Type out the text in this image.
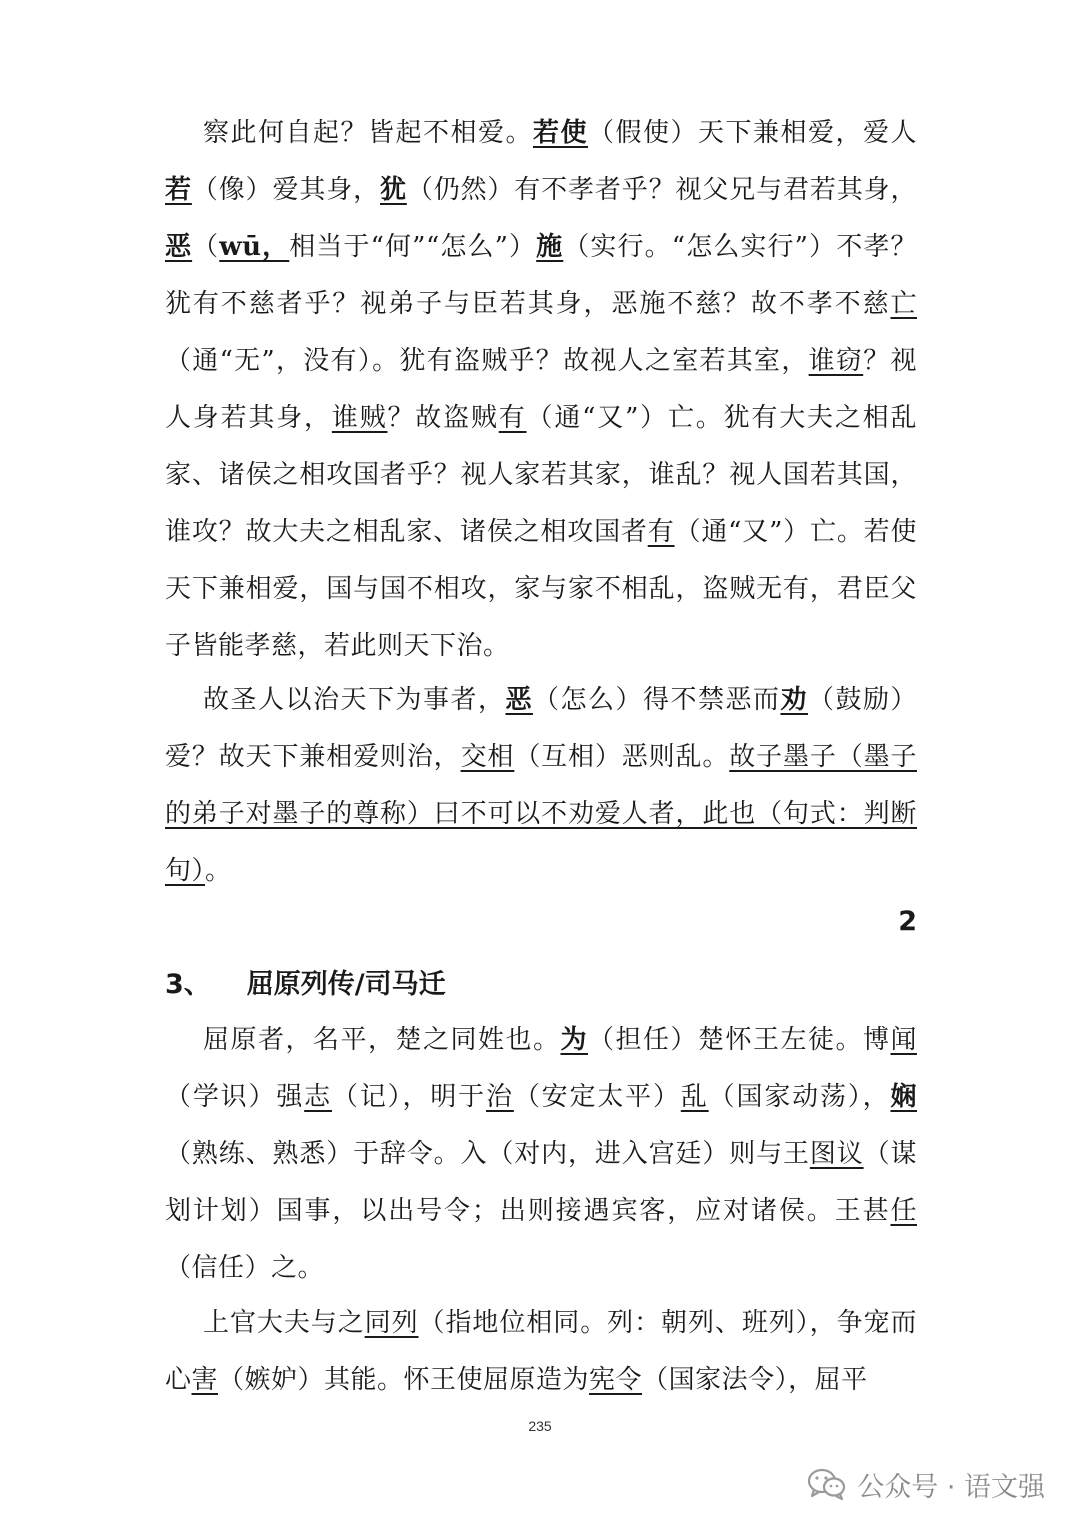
察此何自起？皆起不相爱。若使（假使）天下兼相爱，爱人若（像）爱其身，犹（仍然）有不孝者乎？视父兄与君若其身，恶（wū，相当于“何”“怎么”）施（实行。“怎么实行”）不孝？犹有不慈者乎？视弟子与臣若其身，恶施不慈？故不孝不慈亡（通“无”，没有）。犹有盗贼乎？故视人之室若其室，谁窃？视人身若其身，谁贼？故盗贼有（通“又”）亡。犹有大夫之相乱家、诸侯之相攻国者乎？视人家若其家，谁乱？视人国若其国，谁攻？故大夫之相乱家、诸侯之相攻国者有（通“又”）亡。若使天下兼相爱，国与国不相攻，家与家不相乱，盗贼无有，君臣父子皆能孝慈，若此则天下治。

故圣人以治天下为事者，恶（怎么）得不禁恶而劝（鼓励）爱？故天下兼相爱则治，交相（互相）恶则乱。故子墨子（墨子的弟子对墨子的尊称）曰不可以不劝爱人者，此也（句式：判断句）。

2
3、 屈原列传/司马迁

屈原者，名平，楚之同姓也。为（担任）楚怀王左徒。博闻（学识）强志（记），明于治（安定太平）乱（国家动荡），娴（熟练、熟悉）于辞令。入（对内，进入宫廷）则与王图议（谋划计划）国事，以出号令；出则接遇宾客，应对诸侯。王甚任（信任）之。

上官大夫与之同列（指地位相同。列：朝列、班列），争宠而心害（嫉妒）其能。怀王使屈原造为宪令（国家法令），屈平

235
公众号 · 语文强
